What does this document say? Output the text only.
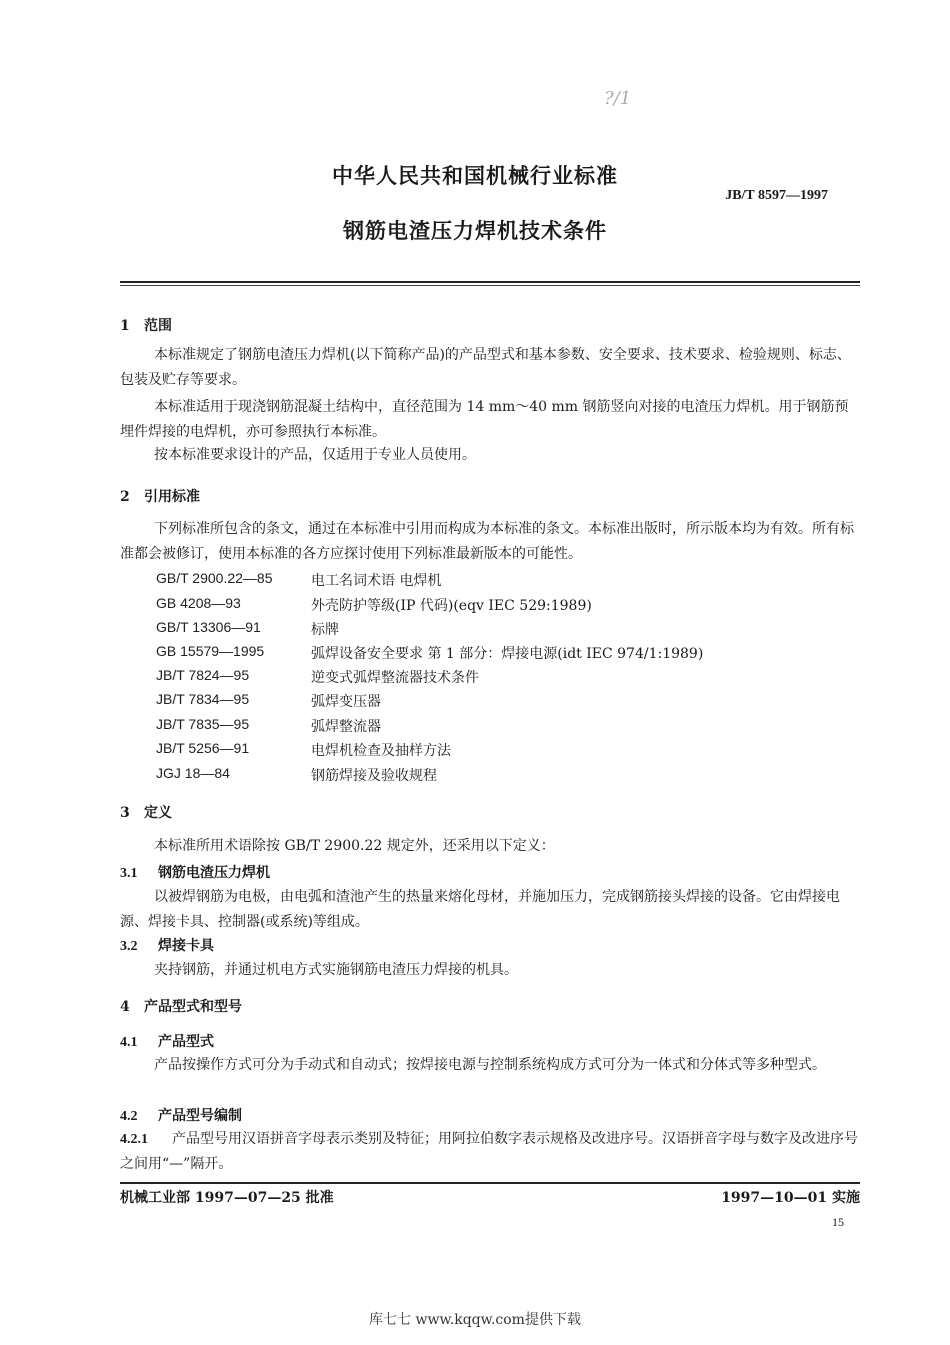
?/1
中华人民共和国机械行业标准
JB/T 8597—1997
钢筋电渣压力焊机技术条件
1 范围
本标准规定了钢筋电渣压力焊机(以下简称产品)的产品型式和基本参数、安全要求、技术要求、检验规则、标志、包装及贮存等要求。
本标准适用于现浇钢筋混凝土结构中，直径范围为 14 mm～40 mm 钢筋竖向对接的电渣压力焊机。用于钢筋预埋件焊接的电焊机，亦可参照执行本标准。
按本标准要求设计的产品，仅适用于专业人员使用。
2 引用标准
下列标准所包含的条文，通过在本标准中引用而构成为本标准的条文。本标准出版时，所示版本均为有效。所有标准都会被修订，使用本标准的各方应探讨使用下列标准最新版本的可能性。
GB/T 2900.22—85	电工名词术语 电焊机
GB 4208—93	外壳防护等级(IP 代码)(eqv IEC 529:1989)
GB/T 13306—91	标牌
GB 15579—1995	弧焊设备安全要求 第 1 部分：焊接电源(idt IEC 974/1:1989)
JB/T 7824—95	逆变式弧焊整流器技术条件
JB/T 7834—95	弧焊变压器
JB/T 7835—95	弧焊整流器
JB/T 5256—91	电焊机检查及抽样方法
JGJ 18—84	钢筋焊接及验收规程
3 定义
本标准所用术语除按 GB/T 2900.22 规定外，还采用以下定义：
3.1 钢筋电渣压力焊机
以被焊钢筋为电极，由电弧和渣池产生的热量来熔化母材，并施加压力，完成钢筋接头焊接的设备。它由焊接电源、焊接卡具、控制器(或系统)等组成。
3.2 焊接卡具
夹持钢筋，并通过机电方式实施钢筋电渣压力焊接的机具。
4 产品型式和型号
4.1 产品型式
产品按操作方式可分为手动式和自动式；按焊接电源与控制系统构成方式可分为一体式和分体式等多种型式。
4.2 产品型号编制
4.2.1 产品型号用汉语拼音字母表示类别及特征；用阿拉伯数字表示规格及改进序号。汉语拼音字母与数字及改进序号之间用“—”隔开。
机械工业部 1997—07—25 批准	1997—10—01 实施
15
库七七 www.kqqw.com提供下载
